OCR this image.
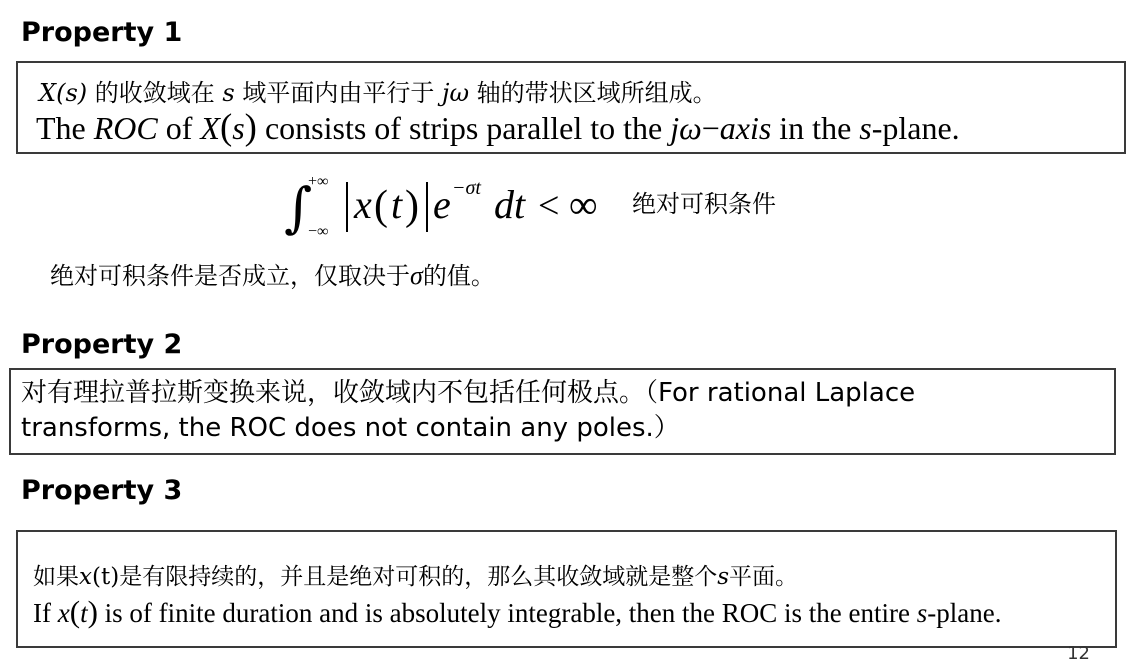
Property 1
X(s) 的收敛域在 s 域平面内由平行于 jω 轴的带状区域所组成。
The ROC of X(s) consists of strips parallel to the jω−axis in the s-plane.
∫
+∞
−∞
x ( t ) e −σt dt < ∞ 绝对可积条件
绝对可积条件是否成立，仅取决于σ的值。
Property 2
对有理拉普拉斯变换来说，收敛域内不包括任何极点。（For rational Laplace
transforms, the ROC does not contain any poles.）
Property 3
如果x(t)是有限持续的，并且是绝对可积的，那么其收敛域就是整个s平面。
If x(t) is of finite duration and is absolutely integrable, then the ROC is the entire s-plane.
12
